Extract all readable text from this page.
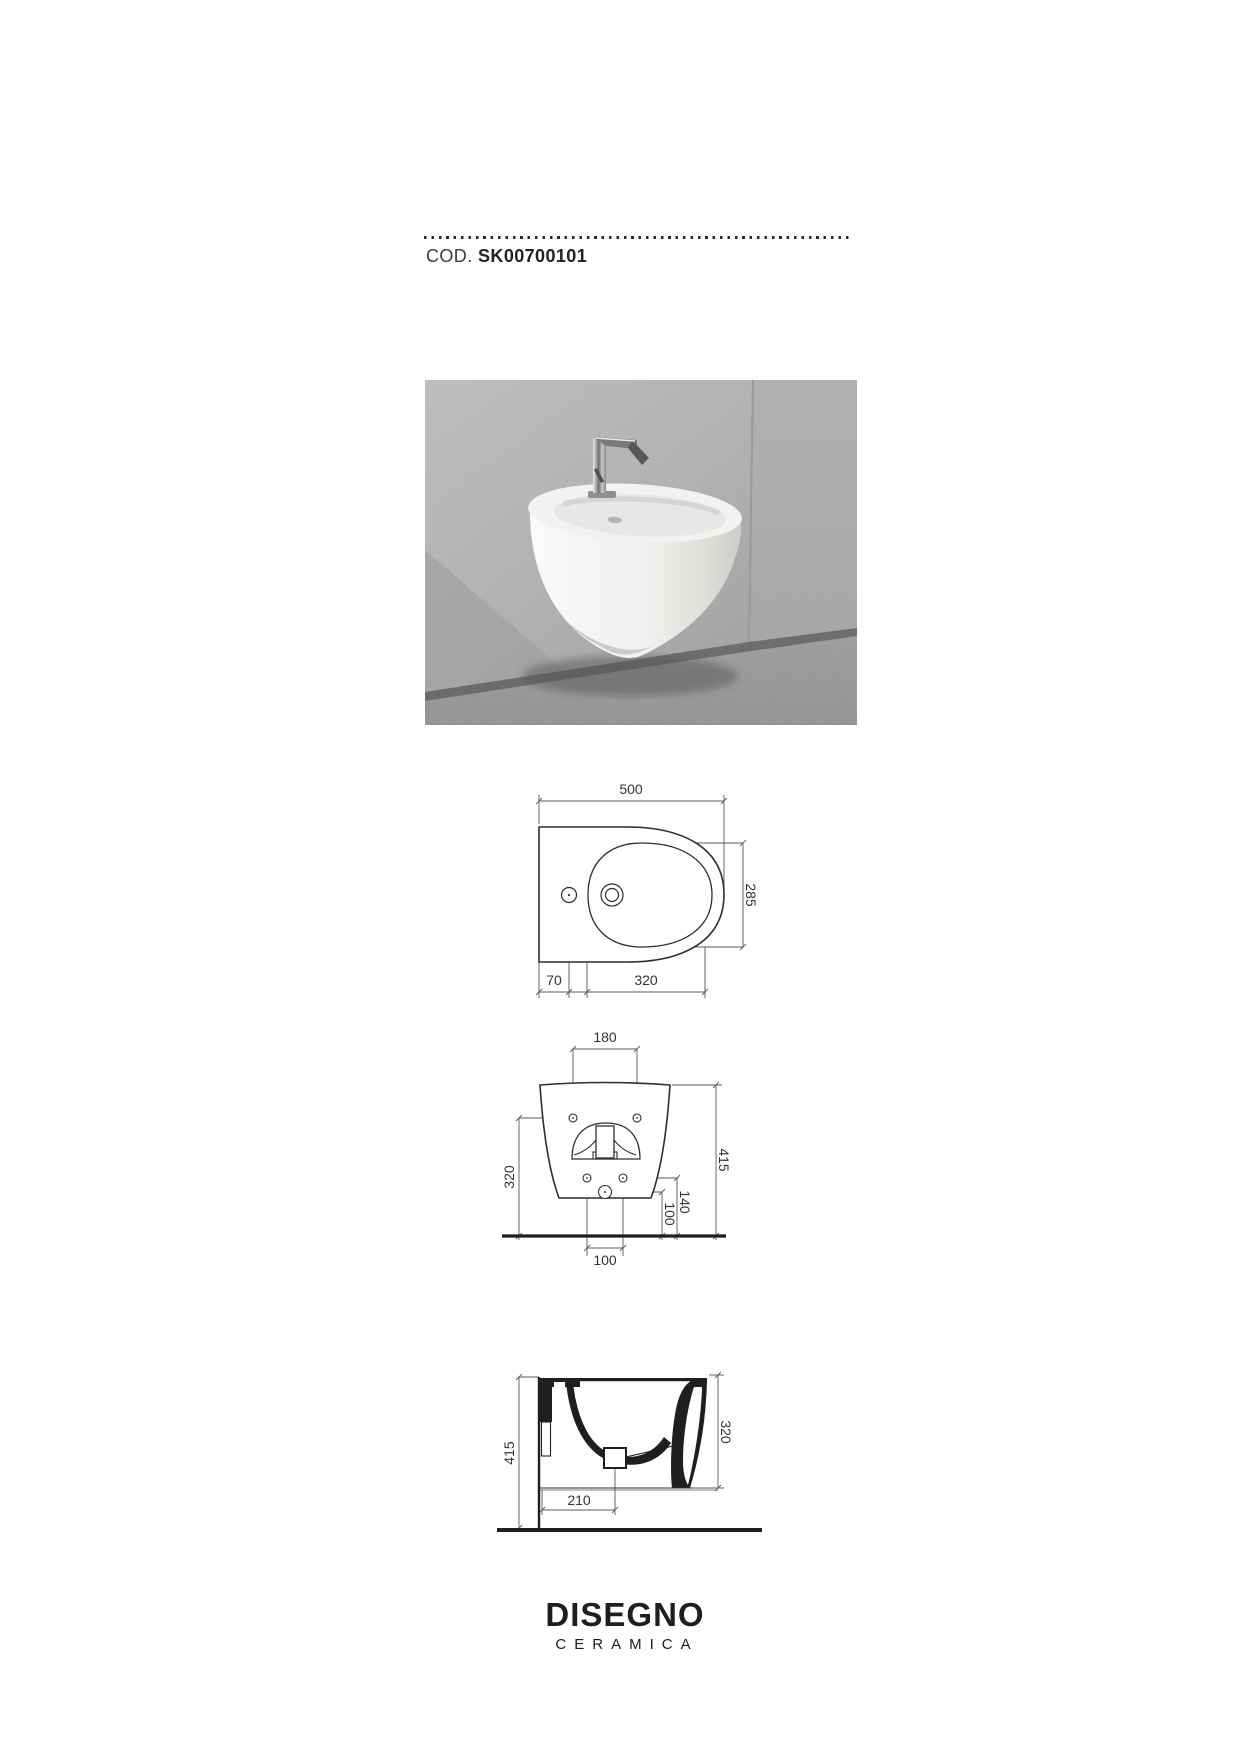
COD. SK00700101
500
285
70	320
180
320
415
140
100
100
415
320
210
DISEGNO
CERAMICA
